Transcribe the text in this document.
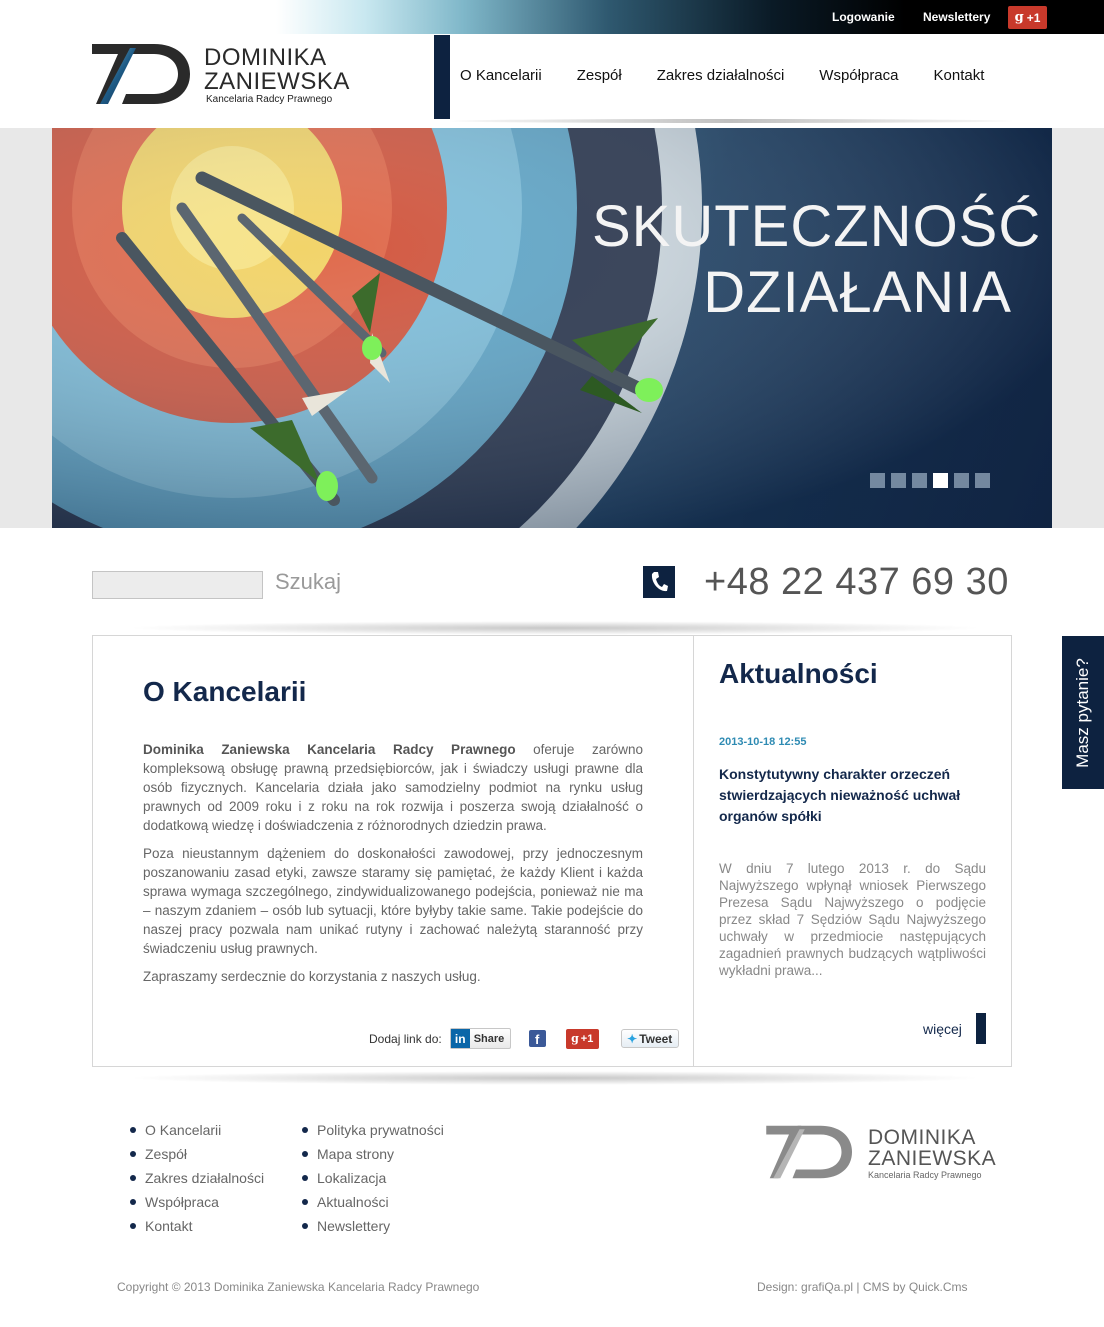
Logowanie Newslettery g +1
DOMINIKA
ZANIEWSKA
Kancelaria Radcy Prawnego
O Kancelarii Zespół Zakres działalności Współpraca Kontakt
SKUTECZNOŚĆ
DZIAŁANIA
Szukaj	+48 22 437 69 30
O Kancelarii

Dominika Zaniewska Kancelaria Radcy Prawnego oferuje zarówno kompleksową obsługę prawną przedsiębiorców, jak i świadczy usługi prawne dla osób fizycznych. Kancelaria działa jako samodzielny podmiot na rynku usług prawnych od 2009 roku i z roku na rok rozwija i poszerza swoją działalność o dodatkową wiedzę i doświadczenia z różnorodnych dziedzin prawa.

Poza nieustannym dążeniem do doskonałości zawodowej, przy jednoczesnym poszanowaniu zasad etyki, zawsze staramy się pamiętać, że każdy Klient i każda sprawa wymaga szczególnego, zindywidualizowanego podejścia, ponieważ nie ma – naszym zdaniem – osób lub sytuacji, które byłyby takie same. Takie podejście do naszej pracy pozwala nam unikać rutyny i zachować należytą staranność przy świadczeniu usług prawnych.

Zapraszamy serdecznie do korzystania z naszych usług.

Dodaj link do:	in Share	f	g +1	✦ Tweet
Aktualności
2013-10-18 12:55
Konstytutywny charakter orzeczeń stwierdzających nieważność uchwał organów spółki
W dniu 7 lutego 2013 r. do Sądu Najwyższego wpłynął wniosek Pierwszego Prezesa Sądu Najwyższego o podjęcie przez skład 7 Sędziów Sądu Najwyższego uchwały w przedmiocie następujących zagadnień prawnych budzących wątpliwości wykładni prawa...
więcej
Masz pytanie?
O Kancelarii
Zespół
Zakres działalności
Współpraca
Kontakt
Polityka prywatności
Mapa strony
Lokalizacja
Aktualności
Newslettery
DOMINIKA
ZANIEWSKA
Kancelaria Radcy Prawnego
Copyright © 2013 Dominika Zaniewska Kancelaria Radcy Prawnego	Design: grafiQa.pl | CMS by Quick.Cms
